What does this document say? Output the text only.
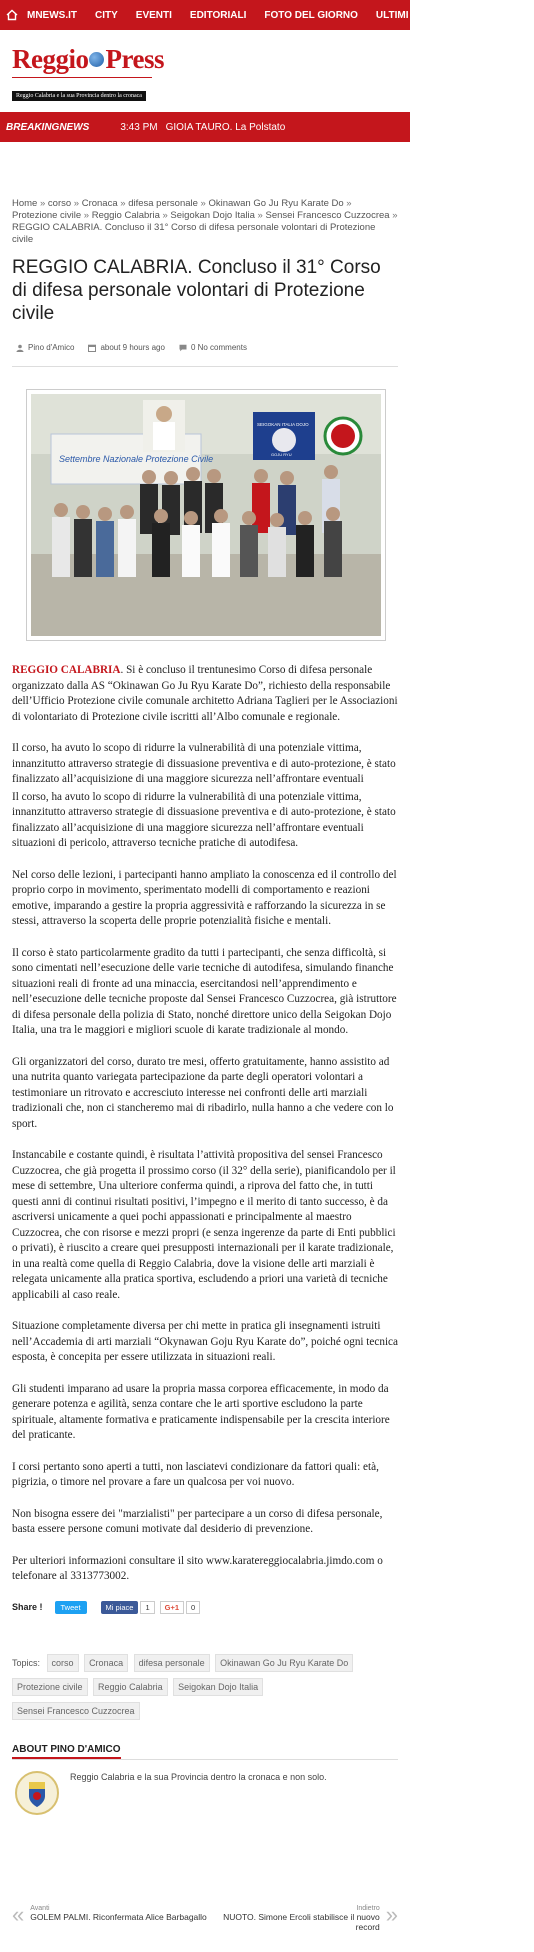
MNEWS.IT	CITY	EVENTI	EDITORIALI	FOTO DEL GIORNO	ULTIMI ARTICOLI	CONTATTI
Reggio Press
Reggio Calabria e la sua Provincia dentro la cronaca
BREAKINGNEWS	3:43 PM GIOIA TAURO. La Polstato
Home » corso » Cronaca » difesa personale » Okinawan Go Ju Ryu Karate Do » Protezione civile » Reggio Calabria » Seigokan Dojo Italia » Sensei Francesco Cuzzocrea » REGGIO CALABRIA. Concluso il 31° Corso di difesa personale volontari di Protezione civile
REGGIO CALABRIA. Concluso il 31° Corso di difesa personale volontari di Protezione civile
Pino d'Amico	about 9 hours ago	0 No comments
Settembre Nazionale Protezione Civile
SEIGOKAN ITALIA DOJO
GOJU RYU

REGGIO CALABRIA. Si è concluso il trentunesimo Corso di difesa personale organizzato dalla AS “Okinawan Go Ju Ryu Karate Do”, richiesto della responsabile dell’Ufficio Protezione civile comunale architetto Adriana Taglieri per le Associazioni di volontariato di Protezione civile iscritti all’Albo comunale e regionale.

Il corso, ha avuto lo scopo di ridurre la vulnerabilità di una potenziale vittima, innanzitutto attraverso strategie di dissuasione preventiva e di auto-protezione, è stato finalizzato all’acquisizione di una maggiore sicurezza nell’affrontare eventuali

Il corso, ha avuto lo scopo di ridurre la vulnerabilità di una potenziale vittima, innanzitutto attraverso strategie di dissuasione preventiva e di auto-protezione, è stato finalizzato all’acquisizione di una maggiore sicurezza nell’affrontare eventuali situazioni di pericolo, attraverso tecniche pratiche di autodifesa.

Nel corso delle lezioni, i partecipanti hanno ampliato la conoscenza ed il controllo del proprio corpo in movimento, sperimentato modelli di comportamento e reazioni emotive, imparando a gestire la propria aggressività e rafforzando la sicurezza in se stessi, attraverso la scoperta delle proprie potenzialità fisiche e mentali.

Il corso è stato particolarmente gradito da tutti i partecipanti, che senza difficoltà, si sono cimentati nell’esecuzione delle varie tecniche di autodifesa, simulando finanche situazioni reali di fronte ad una minaccia, esercitandosi nell’apprendimento e nell’esecuzione delle tecniche proposte dal Sensei Francesco Cuzzocrea, già istruttore di difesa personale della polizia di Stato, nonché direttore unico della Seigokan Dojo Italia, una tra le maggiori e migliori scuole di karate tradizionale al mondo.

Gli organizzatori del corso, durato tre mesi, offerto gratuitamente, hanno assistito ad una nutrita quanto variegata partecipazione da parte degli operatori volontari a testimoniare un ritrovato e accresciuto interesse nei confronti delle arti marziali tradizionali che, non ci stancheremo mai di ribadirlo, nulla hanno a che vedere con lo sport.

Instancabile e costante quindi, è risultata l’attività propositiva del sensei Francesco Cuzzocrea, che già progetta il prossimo corso (il 32° della serie), pianificandolo per il mese di settembre, Una ulteriore conferma quindi, a riprova del fatto che, in tutti questi anni di continui risultati positivi, l’impegno e il merito di tanto successo, è da ascriversi unicamente a quei pochi appassionati e principalmente al maestro Cuzzocrea, che con risorse e mezzi propri (e senza ingerenze da parte di Enti pubblici o privati), è riuscito a creare quei presupposti internazionali per il karate tradizionale, in una realtà come quella di Reggio Calabria, dove la visione delle arti marziali è relegata unicamente alla pratica sportiva, escludendo a priori una varietà di tecniche applicabili al caso reale.

Situazione completamente diversa per chi mette in pratica gli insegnamenti istruiti nell’Accademia di arti marziali “Okynawan Goju Ryu Karate do”, poiché ogni tecnica esposta, è concepita per essere utilizzata in situazioni reali.

Gli studenti imparano ad usare la propria massa corporea efficacemente, in modo da generare potenza e agilità, senza contare che le arti sportive escludono la parte spirituale, altamente formativa e praticamente indispensabile per la crescita interiore del praticante.

I corsi pertanto sono aperti a tutti, non lasciatevi condizionare da fattori quali: età, pigrizia, o timore nel provare a fare un qualcosa per voi nuovo.

Non bisogna essere dei "marzialisti" per partecipare a un corso di difesa personale, basta essere persone comuni motivate dal desiderio di prevenzione.

Per ulteriori informazioni consultare il sito www.karatereggiocalabria.jimdo.com o telefonare al 3313773002.

Share !	Tweet	Mi piace	1	G+1	0
Topics: corso Cronaca difesa personale Okinawan Go Ju Ryu Karate Do Protezione civile Reggio Calabria Seigokan Dojo Italia Sensei Francesco Cuzzocrea
ABOUT PINO D'AMICO
Reggio Calabria e la sua Provincia dentro la cronaca e non solo.
« Avanti
GOLEM PALMI. Riconfermata Alice Barbagallo
Indietro
NUOTO. Simone Ercoli stabilisce il nuovo record »
